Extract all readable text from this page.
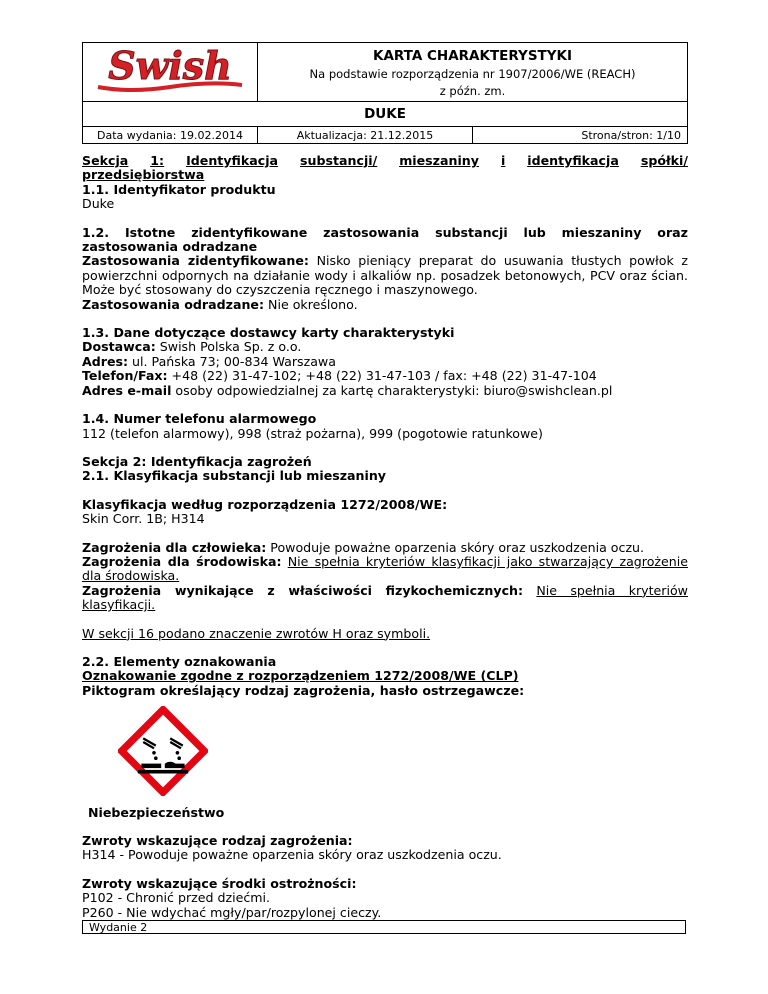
Swish	KARTA CHARAKTERYSTYKI
Na podstawie rozporządzenia nr 1907/2006/WE (REACH)
z późn. zm.	

DUKE		
Data wydania: 19.02.2014	Aktualizacja: 21.12.2015	Strona/stron: 1/10
Sekcja 1: Identyfikacja substancji/ mieszaniny i identyfikacja spółki/

przedsiębiorstwa

1.1. Identyfikator produktu

Duke

1.2. Istotne zidentyfikowane zastosowania substancji lub mieszaniny oraz zastosowania odradzane

Zastosowania zidentyfikowane: Nisko pieniący preparat do usuwania tłustych powłok z powierzchni odpornych na działanie wody i alkaliów np. posadzek betonowych, PCV oraz ścian. Może być stosowany do czyszczenia ręcznego i maszynowego.

Zastosowania odradzane: Nie określono.

1.3. Dane dotyczące dostawcy karty charakterystyki

Dostawca: Swish Polska Sp. z o.o.

Adres: ul. Pańska 73; 00-834 Warszawa

Telefon/Fax: +48 (22) 31-47-102; +48 (22) 31-47-103 / fax: +48 (22) 31-47-104

Adres e-mail osoby odpowiedzialnej za kartę charakterystyki: biuro@swishclean.pl

1.4. Numer telefonu alarmowego

112 (telefon alarmowy), 998 (straż pożarna), 999 (pogotowie ratunkowe)

Sekcja 2: Identyfikacja zagrożeń

2.1. Klasyfikacja substancji lub mieszaniny

Klasyfikacja według rozporządzenia 1272/2008/WE:

Skin Corr. 1B; H314

Zagrożenia dla człowieka: Powoduje poważne oparzenia skóry oraz uszkodzenia oczu.

Zagrożenia dla środowiska: Nie spełnia kryteriów klasyfikacji jako stwarzający zagrożenie dla środowiska.

Zagrożenia wynikające z właściwości fizykochemicznych: Nie spełnia kryteriów klasyfikacji.

W sekcji 16 podano znaczenie zwrotów H oraz symboli.

2.2. Elementy oznakowania

Oznakowanie zgodne z rozporządzeniem 1272/2008/WE (CLP)

Piktogram określający rodzaj zagrożenia, hasło ostrzegawcze:

Niebezpieczeństwo

Zwroty wskazujące rodzaj zagrożenia:

H314 - Powoduje poważne oparzenia skóry oraz uszkodzenia oczu.

Zwroty wskazujące środki ostrożności:

P102 - Chronić przed dziećmi.

P260 - Nie wdychać mgły/par/rozpylonej cieczy.

Wydanie 2
